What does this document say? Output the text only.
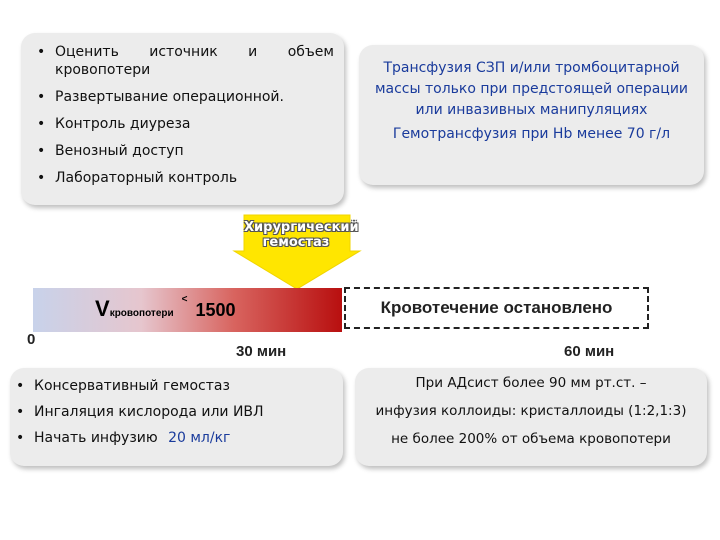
• Оценить источник и объем
кровопотери
• Развертывание операционной.
• Контроль диуреза
• Венозный доступ
• Лабораторный контроль
Трансфузия СЗП и/или тромбоцитарной массы только при предстоящей операции или инвазивных манипуляциях
Гемотрансфузия при Hb менее 70 г/л
Хирургический
гемостаз
Vкровопотери<1500	Кровотечение остановлено
0
30 мин	60 мин
• Консервативный гемостаз
• Ингаляция кислорода или ИВЛ
• Начать инфузию 20 мл/кг
При АДсист более 90 мм рт.ст. –
инфузия коллоиды: кристаллоиды (1:2,1:3)
не более 200% от объема кровопотери
